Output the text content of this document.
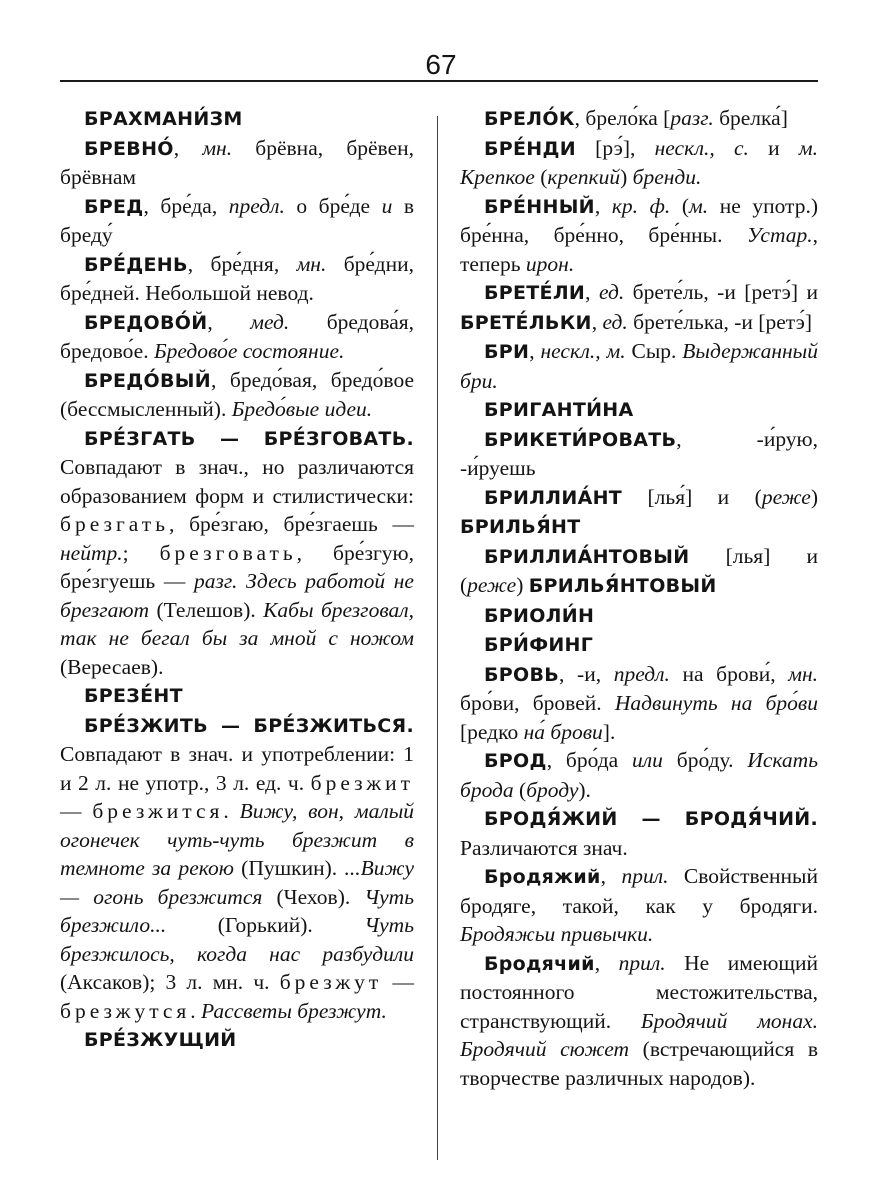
67

БРАХМАНИ́ЗМ

БРЕВНО́, мн. брёвна, брёвен, брёвнам

БРЕД, бре́да, предл. о бре́де и в бреду́

БРЕ́ДЕНЬ, бре́дня, мн. бре́дни, бре́дней. Небольшой невод.

БРЕДОВО́Й, мед. бредова́я, бредово́е. Бредово́е состояние.

БРЕДО́ВЫЙ, бредо́вая, бредо́вое (бессмысленный). Бредо́вые идеи.

БРЕ́ЗГАТЬ — БРЕ́ЗГОВАТЬ. Совпадают в знач., но различаются образованием форм и стилистически: брезгать, бре́згаю, бре́згаешь — нейтр.; брезговать, бре́згую, бре́згуешь — разг. Здесь работой не брезгают (Телешов). Кабы брезговал, так не бегал бы за мной с ножом (Вересаев).

БРЕЗЕ́НТ

БРЕ́ЗЖИТЬ — БРЕ́ЗЖИТЬСЯ. Совпадают в знач. и употреблении: 1 и 2 л. не употр., 3 л. ед. ч. брезжит — брезжится. Вижу, вон, малый огонечек чуть-чуть брезжит в темноте за рекою (Пушкин). ...Вижу — огонь брезжится (Чехов). Чуть брезжило... (Горький). Чуть брезжилось, когда нас разбудили (Аксаков); 3 л. мн. ч. брезжут — брезжутся. Рассветы брезжут.

БРЕ́ЗЖУЩИЙ

БРЕЛО́К, брело́ка [разг. брелка́]

БРЕ́НДИ [рэ́], нескл., с. и м. Крепкое (крепкий) бренди.

БРЕ́ННЫЙ, кр. ф. (м. не употр.) бре́нна, бре́нно, бре́нны. Устар., теперь ирон.

БРЕТЕ́ЛИ, ед. брете́ль, -и [ретэ́] и БРЕТЕ́ЛЬКИ, ед. брете́лька, -и [ретэ́]

БРИ, нескл., м. Сыр. Выдержанный бри.

БРИГАНТИ́НА

БРИКЕТИ́РОВАТЬ, -и́рую, -и́руешь

БРИЛЛИА́НТ [лья́] и (реже) БРИЛЬЯ́НТ

БРИЛЛИА́НТОВЫЙ [лья] и (реже) БРИЛЬЯ́НТОВЫЙ

БРИОЛИ́Н

БРИ́ФИНГ

БРОВЬ, -и, предл. на брови́, мн. бро́ви, бровей. Надвинуть на бро́ви [редко на́ брови].

БРОД, бро́да или бро́ду. Искать брода (броду).

БРОДЯ́ЖИЙ — БРОДЯ́ЧИЙ. Различаются знач.

Бродяжий, прил. Свойственный бродяге, такой, как у бродяги. Бродяжьи привычки.

Бродячий, прил. Не имеющий постоянного местожительства, странствующий. Бродячий монах. Бродячий сюжет (встречающийся в творчестве различных народов).
